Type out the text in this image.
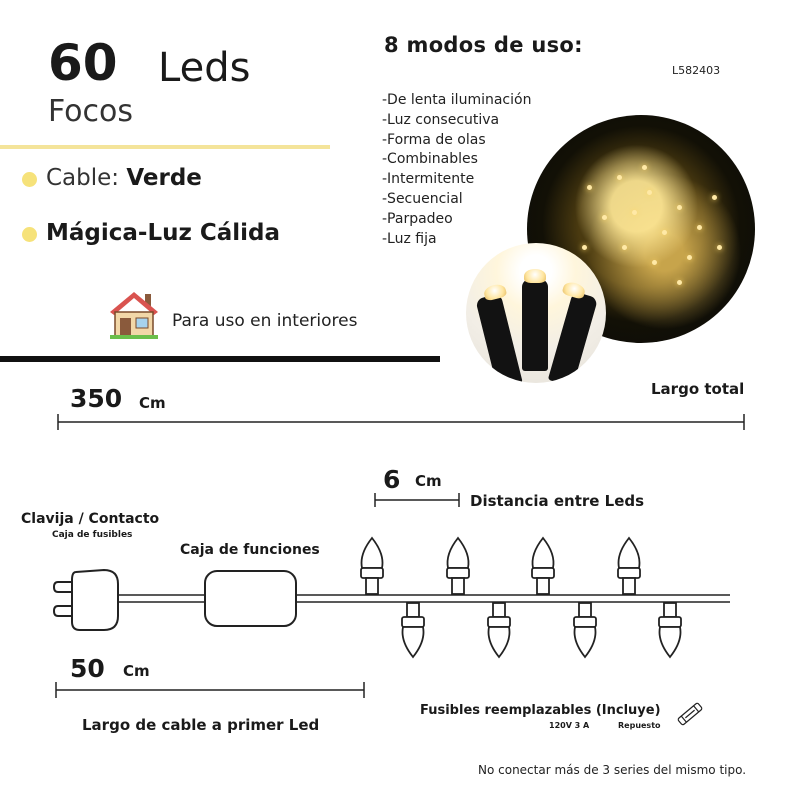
60 Leds
Focos
Cable: Verde
Mágica-Luz Cálida
Para uso en interiores
8 modos de uso:
L582403
-De lenta iluminación
-Luz consecutiva
-Forma de olas
-Combinables
-Intermitente
-Secuencial
-Parpadeo
-Luz fija
350 Cm
Largo total
6 Cm
Distancia entre Leds
Clavija / Contacto
Caja de fusibles
Caja de funciones
50 Cm
Largo de cable a primer Led
Fusibles reemplazables (Incluye)
120V 3 A	Repuesto
No conectar más de 3 series del mismo tipo.
